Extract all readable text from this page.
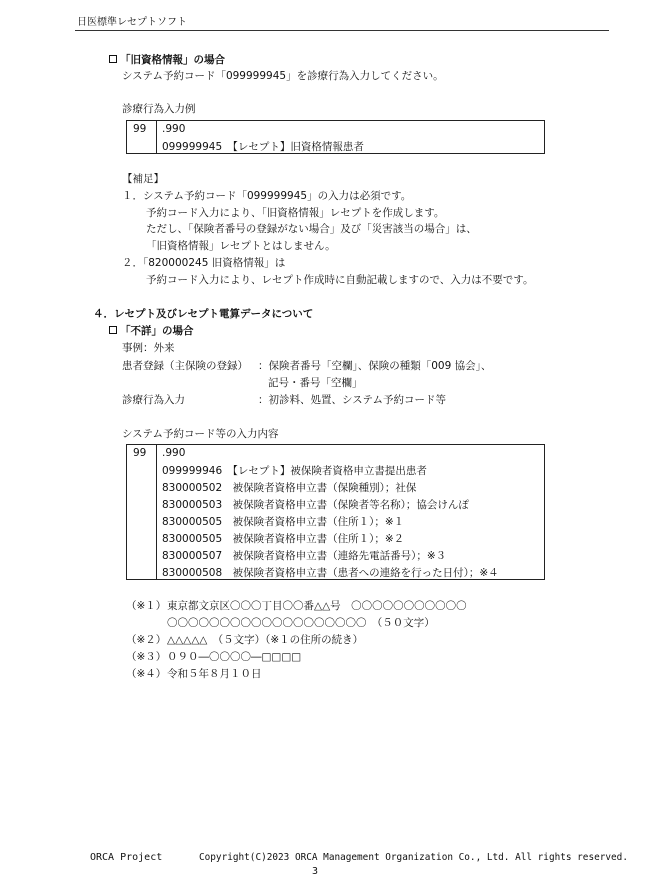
日医標準レセプトソフト
「旧資格情報」の場合
システム予約コード「099999945」を診療行為入力してください。
診療行為入力例
99 .990
099999945　【レセプト】旧資格情報患者
【補足】
１．システム予約コード「099999945」の入力は必須です。
予約コード入力により、「旧資格情報」レセプトを作成します。
ただし、「保険者番号の登録がない場合」及び「災害該当の場合」は、
「旧資格情報」レセプトとはしません。
２．「820000245 旧資格情報」は
予約コード入力により、レセプト作成時に自動記載しますので、入力は不要です。
４．レセプト及びレセプト電算データについて
「不詳」の場合
事例：外来
患者登録（主保険の登録） ：保険者番号「空欄」、保険の種類「009 協会」、
記号・番号「空欄」
診療行為入力	：初診料、処置、システム予約コード等
システム予約コード等の入力内容
99 .990
099999946　【レセプト】被保険者資格申立書提出患者
830000502　被保険者資格申立書（保険種別）；社保
830000503　被保険者資格申立書（保険者等名称）；協会けんぽ
830000505　被保険者資格申立書（住所１）；※１
830000505　被保険者資格申立書（住所１）；※２
830000507　被保険者資格申立書（連絡先電話番号）；※３
830000508　被保険者資格申立書（患者への連絡を行った日付）；※４
（※１） 東京都文京区〇〇〇丁目〇〇番△△号　〇〇〇〇〇〇〇〇〇〇〇
〇〇〇〇〇〇〇〇〇〇〇〇〇〇〇〇〇〇〇　（５０文字）
（※２） △△△△△　（５文字）（※１の住所の続き）
（※３） ０９０―〇〇〇〇―□□□□
（※４） 令和５年８月１０日
ORCA Project	Copyright(C)2023 ORCA Management Organization Co., Ltd. All rights reserved.
3
